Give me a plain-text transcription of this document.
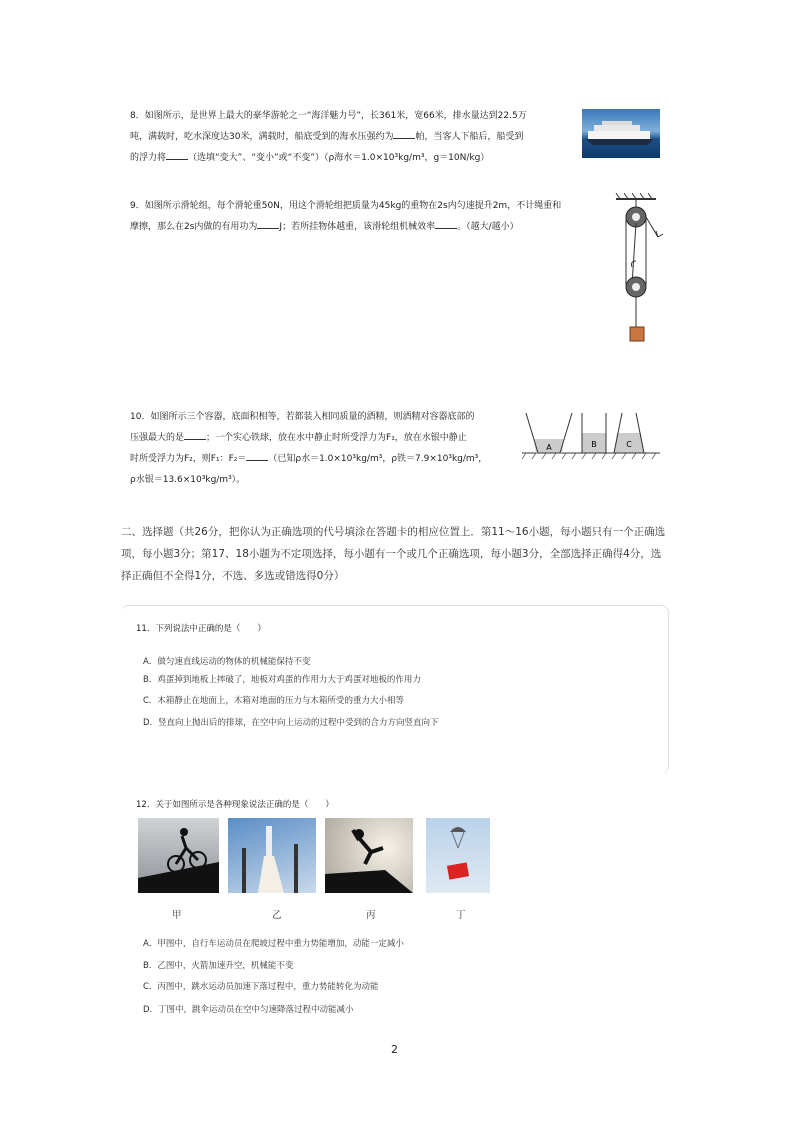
8．如图所示，是世界上最大的豪华游轮之一“海洋魅力号”，长361米，宽66米，排水量达到22.5万
吨，满载时，吃水深度达30米，满载时，船底受到的海水压强约为 帕，当客人下船后，船受到
的浮力将 （选填“变大”、“变小”或“不变”）（ρ海水＝1.0×10³kg/m³，g＝10N/kg）
9．如图所示滑轮组，每个滑轮重50N，用这个滑轮组把质量为45kg的重物在2s内匀速提升2m，不计绳重和
摩擦，那么在2s内做的有用功为 J；若所挂物体越重，该滑轮组机械效率 。（越大/越小）
10．如图所示三个容器，底面积相等，若都装入相同质量的酒精，则酒精对容器底部的
压强最大的是 ；一个实心铁球，放在水中静止时所受浮力为F₁，放在水银中静止
时所受浮力为F₂，则F₁：F₂＝ （已知ρ水＝1.0×10³kg/m³，ρ铁＝7.9×10³kg/m³，
ρ水银＝13.6×10³kg/m³）。
A	B	C
二、选择题（共26分，把你认为正确选项的代号填涂在答题卡的相应位置上．第11～16小题，每小题只有一个正确选
项，每小题3分；第17、18小题为不定项选择，每小题有一个或几个正确选项，每小题3分，全部选择正确得4分，选
择正确但不全得1分，不选、多选或错选得0分）
11．下列说法中正确的是（　　）
A．做匀速直线运动的物体的机械能保持不变
B．鸡蛋掉到地板上摔破了，地板对鸡蛋的作用力大于鸡蛋对地板的作用力
C．木箱静止在地面上，木箱对地面的压力与木箱所受的重力大小相等
D．竖直向上抛出后的排球，在空中向上运动的过程中受到的合力方向竖直向下
12．关于如图所示是各种现象说法正确的是（　　）
甲	乙	丙	丁
A．甲图中，自行车运动员在爬坡过程中重力势能增加，动能一定减小
B．乙图中，火箭加速升空，机械能不变
C．丙图中，跳水运动员加速下落过程中，重力势能转化为动能
D．丁图中，跳伞运动员在空中匀速降落过程中动能减小
2
